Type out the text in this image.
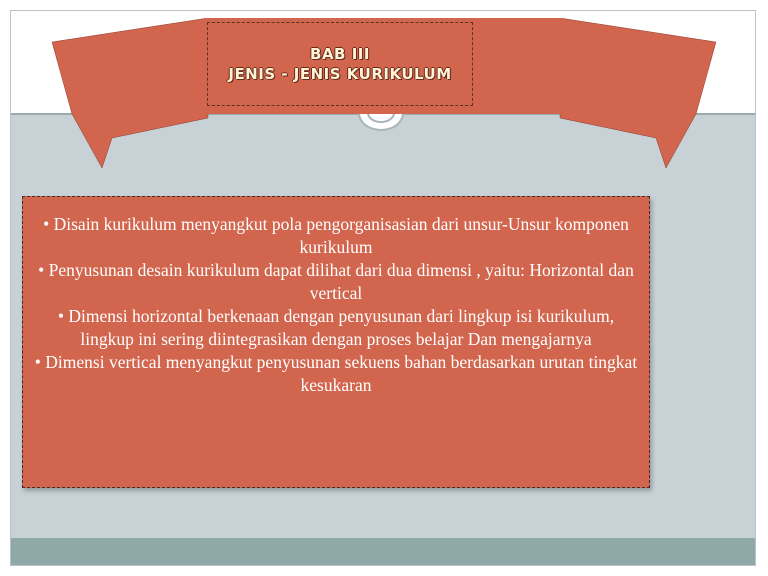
BAB III
JENIS - JENIS KURIKULUM
• Disain kurikulum menyangkut pola pengorganisasian dari unsur-Unsur komponen kurikulum
• Penyusunan desain kurikulum dapat dilihat dari dua dimensi , yaitu: Horizontal dan vertical
• Dimensi horizontal berkenaan dengan penyusunan dari lingkup isi kurikulum, lingkup ini sering diintegrasikan dengan proses belajar Dan mengajarnya
• Dimensi vertical menyangkut penyusunan sekuens bahan berdasarkan urutan tingkat kesukaran
